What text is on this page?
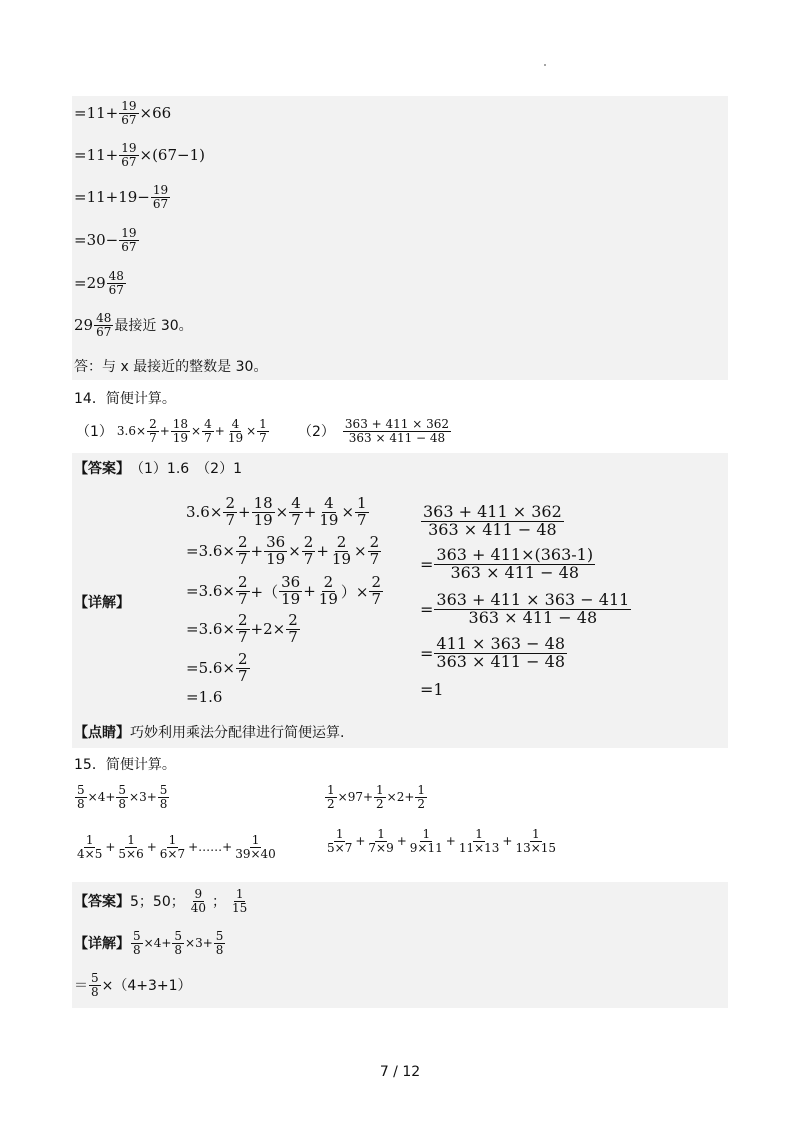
$=11+ \frac{19}{67} \times 66$
$=11+ \frac{19}{67} \times(67-1)$
$=11+19- \frac{19}{67}$
$=30- \frac{19}{67}$
=29 48
67
29 48
67 最接近 30。
答：与 x 最接近的整数是 30。
14．简便计算。
（1） $3.6\times \frac{2}{7} + \frac{18}{19} \times \frac{4}{7} + \frac{4}{19} \times \frac{1}{7} (2)$
363 + 411 × 362
363 × 411 − 48
【答案】 （1）1.6　（2）1
【详解】
$3.6\times \frac{2}{7} + \frac{18}{19} \times \frac{4}{7} + \frac{4}{19} \times \frac{1}{7}$
$=3.6\times \frac{2}{7} + \frac{36}{19} \times \frac{2}{7} + \frac{2}{19} \times \frac{2}{7}$
$=3.6\times \frac{2}{7}$ +（
36
$19 + \frac{2}{19}$ ）× $\frac{2}{7}$
$=3.6\times \frac{2}{7} +2\times \frac{2}{7}$
$=5.6\times \frac{2}{7}$
=1.6
363 + 411 × 362
363 × 411 − 48
= $\frac{363 + 411\times(363-1)}{363 \times 411 - 48}$
= $\frac{363 + 411 \times 363 - 411}{363 \times 411 - 48}$
= $\frac{411 \times 363 - 48}{363 \times 411 - 48}$
=1
【点睛】 巧妙利用乘法分配律进行简便运算.
15．简便计算。
$\frac{5}{8} \times 4+ \frac{5}{8} \times 3+ \frac{5}{8}$	$\frac{1}{2} \times 97+ \frac{1}{2} \times 2+ \frac{1}{2}$
1
$4\times 5 + \frac{1}{5\times 6} + \frac{1}{6\times 7}$ +……+ $\frac{1}{39\times 40}$	1
$5\times 7 + \frac{1}{7\times 9} + \frac{1}{9\times 11} + \frac{1}{11\times 13} + \frac{1}{13\times 15}$
【答案】 5；50；
9
40 ；
1
15
【详解】 $\frac{5}{8} \times 4+ \frac{5}{8} \times 3+ \frac{5}{8}$
＝ $\frac{5}{8} \times(4+3+1)$
7 / 12
